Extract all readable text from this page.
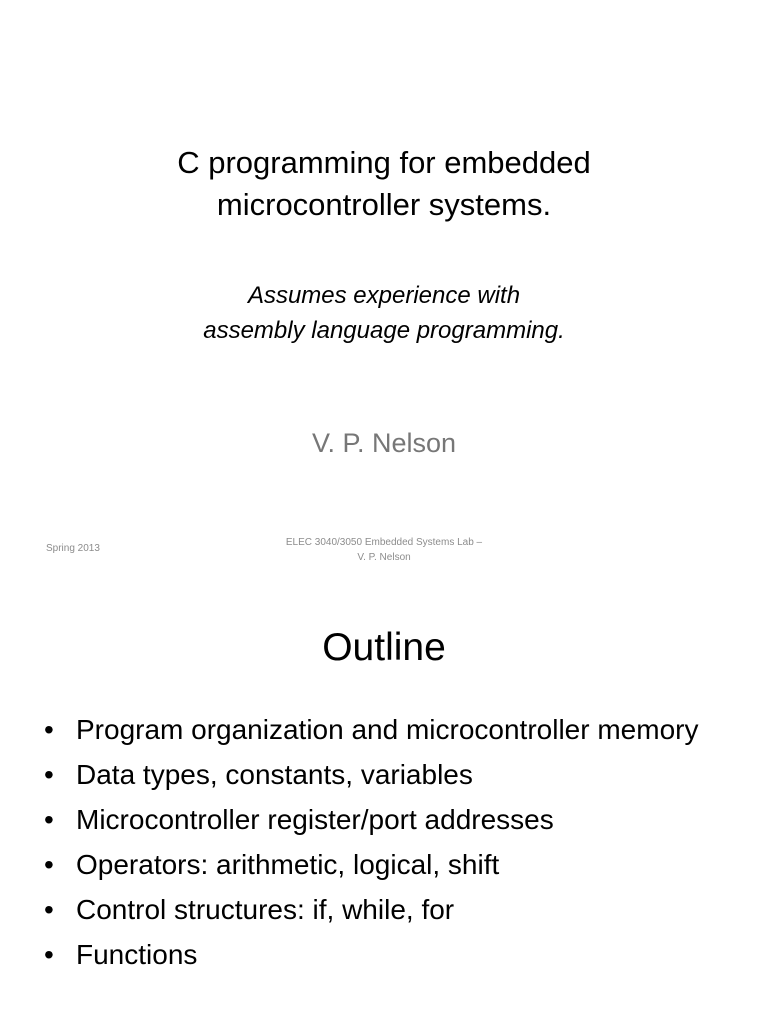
C programming for embedded
microcontroller systems.
Assumes experience with
assembly language programming.
V. P. Nelson
Spring 2013
ELEC 3040/3050 Embedded Systems Lab –
V. P. Nelson
Outline
• Program organization and microcontroller memory
• Data types, constants, variables
• Microcontroller register/port addresses
• Operators: arithmetic, logical, shift
• Control structures: if, while, for
• Functions
